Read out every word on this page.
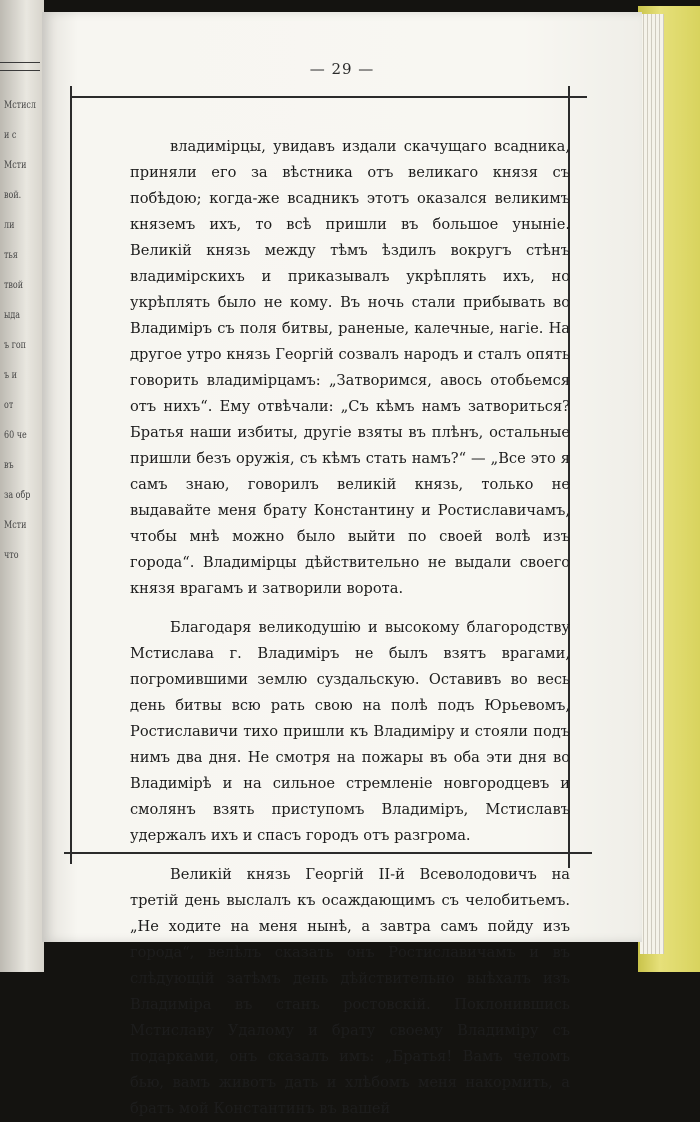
Мстисл
и с
Мсти
вой.
ли
тья
твой
ыда
ъ гоп
ъ и
от
60 че
въ
за обр
Мсти
что
— 29 —

владимірцы, увидавъ издали скачущаго всадника, приняли его за вѣстника отъ великаго князя съ побѣдою; когда-же всадникъ этотъ оказался великимъ княземъ ихъ, то всѣ пришли въ большое уныніе. Великій князь между тѣмъ ѣздилъ вокругъ стѣнъ владимірскихъ и приказывалъ укрѣплять ихъ, но укрѣплять было не кому. Въ ночь стали прибывать во Владиміръ съ поля битвы, раненые, калечные, нагіе. На другое утро князь Георгій созвалъ народъ и сталъ опять говорить владимірцамъ: „Затворимся, авось отобьемся отъ нихъ“. Ему отвѣчали: „Съ кѣмъ намъ затвориться? Братья наши избиты, другіе взяты въ плѣнъ, остальные пришли безъ оружія, съ кѣмъ стать намъ?“ — „Все это я самъ знаю, говорилъ великій князь, только не выдавайте меня брату Константину и Ростиславичамъ, чтобы мнѣ можно было выйти по своей волѣ изъ города“. Владимірцы дѣйствительно не выдали своего князя врагамъ и затворили ворота.

Благодаря великодушію и высокому благородству Мстислава г. Владиміръ не былъ взятъ врагами, погромившими землю суздальскую. Оставивъ во весь день битвы всю рать свою на полѣ подъ Юрьевомъ, Ростиславичи тихо пришли къ Владиміру и стояли подъ нимъ два дня. Не смотря на пожары въ оба эти дня во Владимірѣ и на сильное стремленіе новгородцевъ и смолянъ взять приступомъ Владиміръ, Мстиславъ удержалъ ихъ и спасъ городъ отъ разгрома.

Великій князь Георгій II-й Всеволодовичъ на третій день выслалъ къ осаждающимъ съ челобитьемъ. „Не ходите на меня нынѣ, а завтра самъ пойду изъ города“, велѣлъ сказать онъ Ростиславичамъ и въ слѣдующій затѣмъ день дѣйствительно выѣхалъ изъ Владиміра въ станъ ростовскій. Поклонившись Мстиславу Удалому и брату своему Владиміру съ подарками, онъ сказалъ имъ: „Братья! Вамъ челомъ бью, вамъ животъ дать и хлѣбомъ меня накормить, а братъ мой Константинъ въ вашей
